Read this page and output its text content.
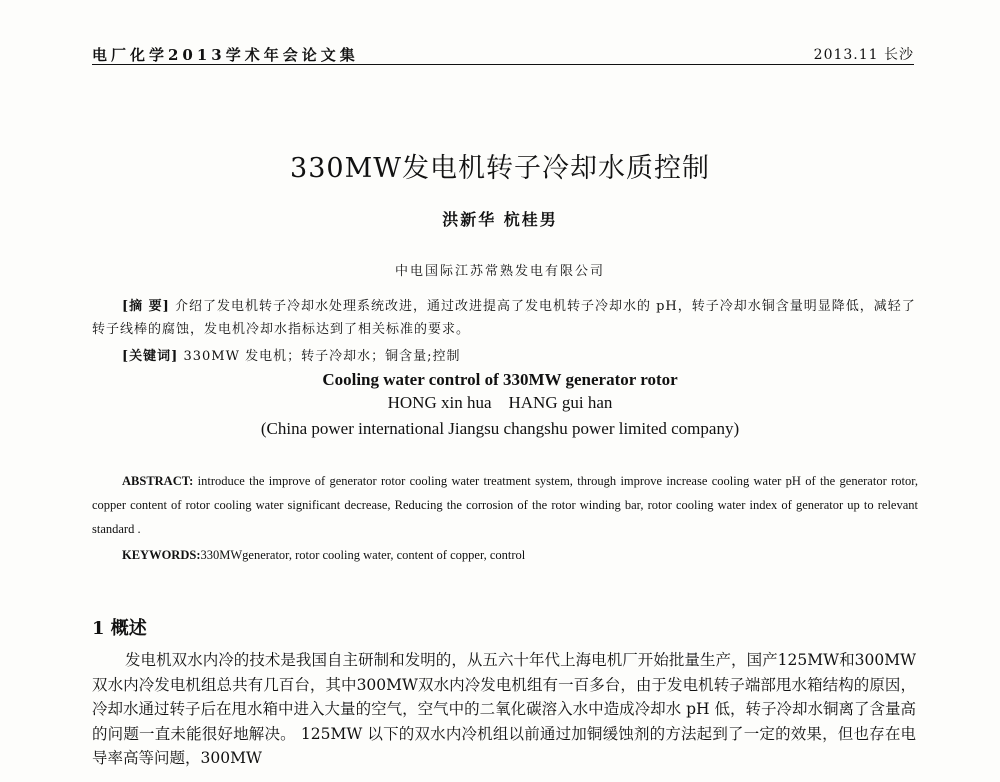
电厂化学2013学术年会论文集	2013.11 长沙
330MW发电机转子冷却水质控制
洪新华 杭桂男
中电国际江苏常熟发电有限公司
[摘 要] 介绍了发电机转子冷却水处理系统改进，通过改进提高了发电机转子冷却水的 pH，转子冷却水铜含量明显降低，减轻了转子线棒的腐蚀，发电机冷却水指标达到了相关标准的要求。
[关键词] 330MW 发电机；转子冷却水；铜含量;控制
Cooling water control of 330MW generator rotor
HONG xin hua    HANG gui han
(China power international Jiangsu changshu power limited company)
ABSTRACT: introduce the improve of generator rotor cooling water treatment system, through improve increase cooling water pH of the generator rotor, copper content of rotor cooling water significant decrease, Reducing the corrosion of the rotor winding bar, rotor cooling water index of generator up to relevant standard .
KEYWORDS:330MWgenerator, rotor cooling water, content of copper, control
1 概述
发电机双水内冷的技术是我国自主研制和发明的，从五六十年代上海电机厂开始批量生产，国产125MW和300MW双水内冷发电机组总共有几百台，其中300MW双水内冷发电机组有一百多台，由于发电机转子端部甩水箱结构的原因，冷却水通过转子后在甩水箱中进入大量的空气，空气中的二氧化碳溶入水中造成冷却水 pH 低，转子冷却水铜离了含量高的问题一直未能很好地解决。 125MW 以下的双水内冷机组以前通过加铜缓蚀剂的方法起到了一定的效果，但也存在电导率高等问题，300MW
